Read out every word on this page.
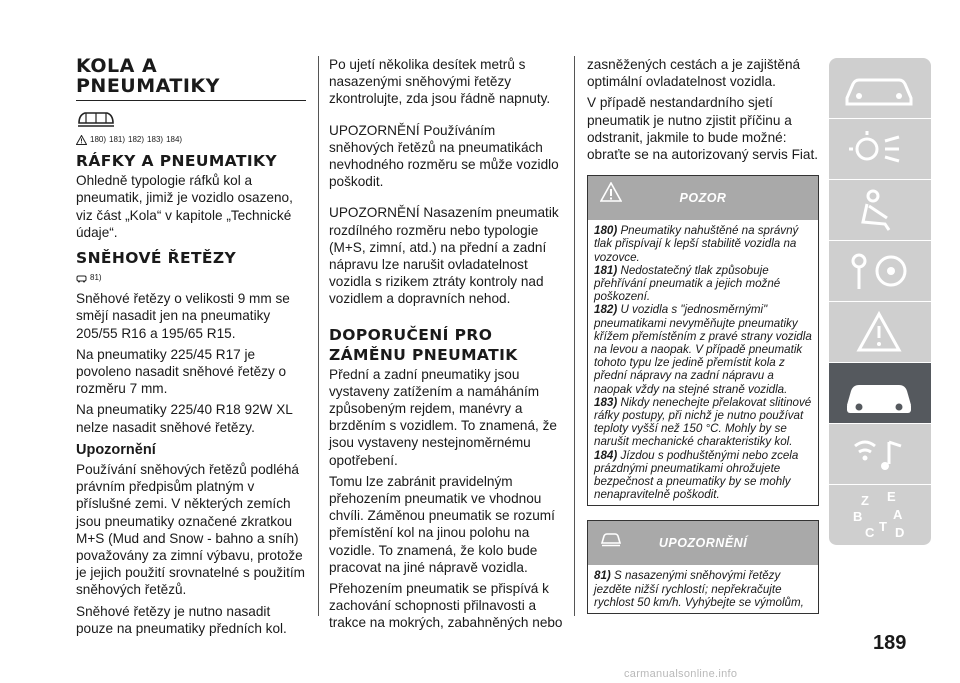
KOLA A
PNEUMATIKY
180) 181) 182) 183) 184)
RÁFKY A PNEUMATIKY

Ohledně typologie ráfků kol a pneumatik, jimiž je vozidlo osazeno, viz část „Kola“ v kapitole „Technické údaje“.

SNĚHOVÉ ŘETĚZY
81)

Sněhové řetězy o velikosti 9 mm se smějí nasadit jen na pneumatiky 205/55 R16 a 195/65 R15.

Na pneumatiky 225/45 R17 je povoleno nasadit sněhové řetězy o rozměru 7 mm.

Na pneumatiky 225/40 R18 92W XL nelze nasadit sněhové řetězy.

Upozornění

Používání sněhových řetězů podléhá právním předpisům platným v příslušné zemi. V některých zemích jsou pneumatiky označené zkratkou M+S (Mud and Snow - bahno a sníh) považovány za zimní výbavu, protože je jejich použití srovnatelné s použitím sněhových řetězů.

Sněhové řetězy je nutno nasadit pouze na pneumatiky předních kol.

Po ujetí několika desítek metrů s nasazenými sněhovými řetězy zkontrolujte, zda jsou řádně napnuty.

UPOZORNĚNÍ Používáním sněhových řetězů na pneumatikách nevhodného rozměru se může vozidlo poškodit.

UPOZORNĚNÍ Nasazením pneumatik rozdílného rozměru nebo typologie (M+S, zimní, atd.) na přední a zadní nápravu lze narušit ovladatelnost vozidla s rizikem ztráty kontroly nad vozidlem a dopravních nehod.

DOPORUČENÍ PRO
ZÁMĚNU PNEUMATIK

Přední a zadní pneumatiky jsou vystaveny zatížením a namáháním způsobeným rejdem, manévry a brzděním s vozidlem. To znamená, že jsou vystaveny nestejnoměrnému opotřebení.

Tomu lze zabránit pravidelným přehozením pneumatik ve vhodnou chvíli. Záměnou pneumatik se rozumí přemístění kol na jinou polohu na vozidle. To znamená, že kolo bude pracovat na jiné nápravě vozidla.

Přehozením pneumatik se přispívá k zachování schopnosti přilnavosti a trakce na mokrých, zabahněných nebo

zasněžených cestách a je zajištěná optimální ovladatelnost vozidla.

V případě nestandardního sjetí pneumatik je nutno zjistit příčinu a odstranit, jakmile to bude možné: obraťte se na autorizovaný servis Fiat.

POZOR
180) Pneumatiky nahuštěné na správný tlak přispívají k lepší stabilitě vozidla na vozovce.
181) Nedostatečný tlak způsobuje přehřívání pneumatik a jejich možné poškození.
182) U vozidla s "jednosměrnými" pneumatikami nevyměňujte pneumatiky křížem přemístěním z pravé strany vozidla na levou a naopak. V případě pneumatik tohoto typu lze jedině přemístit kola z přední nápravy na zadní nápravu a naopak vždy na stejné straně vozidla.
183) Nikdy nenechejte přelakovat slitinové ráfky postupy, při nichž je nutno používat teploty vyšší než 150 °C. Mohly by se narušit mechanické charakteristiky kol.
184) Jízdou s podhuštěnými nebo zcela prázdnými pneumatikami ohrožujete bezpečnost a pneumatiky by se mohly nenapravitelně poškodit.
UPOZORNĚNÍ
81) S nasazenými sněhovými řetězy jezděte nižší rychlostí; nepřekračujte rychlost 50 km/h. Vyhýbejte se výmolům,
Z E
B A
C T D
189
carmanualsonline.info
